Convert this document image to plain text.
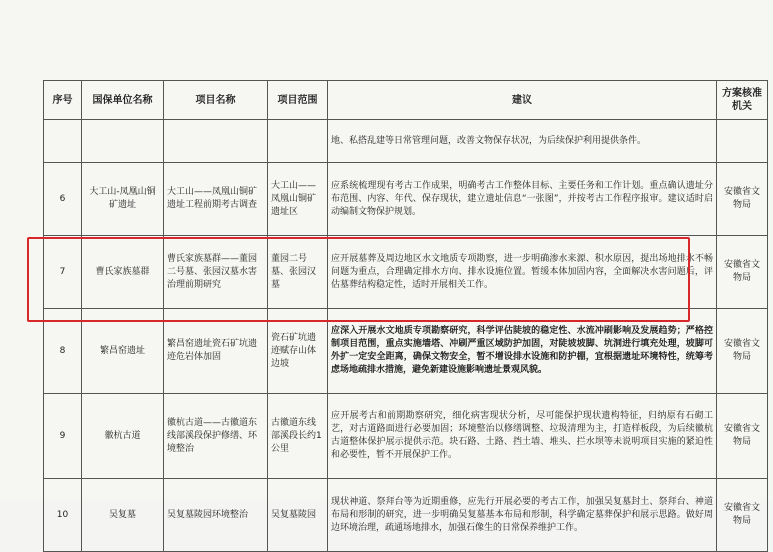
序号	国保单位名称	项目名称	项目范围	建议	方案核准机关
				地、私搭乱建等日常管理问题，改善文物保存状况，为后续保护利用提供条件。	
6	大工山-凤凰山铜矿遗址	大工山——凤凰山铜矿遗址工程前期考古调查	大工山——凤凰山铜矿遗址区	应系统梳理现有考古工作成果，明确考古工作整体目标、主要任务和工作计划。重点确认遗址分布范围、内容、年代、保存现状，建立遗址信息“一张图”，并按考古工作程序报审。建议适时启动编制文物保护规划。	安徽省文物局
7	曹氏家族墓群	曹氏家族墓群——董园二号墓、张园汉墓水害治理前期研究	董园二号墓、张园汉墓	应开展墓葬及周边地区水文地质专项勘察，进一步明确渗水来源、积水原因，提出场地排水不畅问题为重点，合理确定排水方向、排水设施位置。暂缓本体加固内容，全面解决水害问题后，评估墓葬结构稳定性，适时开展相关工作。	安徽省文物局
8	繁昌窑遗址	繁昌窑遗址瓷石矿坑遗迹危岩体加固	瓷石矿坑遗迹赋存山体边坡	应深入开展水文地质专项勘察研究，科学评估陡坡的稳定性、水流冲刷影响及发展趋势；严格控制项目范围，重点实施墙塔、冲刷严重区域防护加固，对陡坡坡脚、坑洞进行填充处理，坡脚可外扩一定安全距离，确保文物安全，暂不增设排水设施和防护棚，宜根据遗址环境特性，统筹考虑场地疏排水措施，避免新建设施影响遗址景观风貌。	安徽省文物局
9	徽杭古道	徽杭古道——古徽道东线部溪段保护修缮、环境整治	古徽道东线部溪段长约1公里	应开展考古和前期勘察研究，细化病害现状分析，尽可能保护现状遗构特征，归纳原有石砌工艺，对古道路面进行必要加固；环境整治以修缮调整、垃圾清理为主，打造样板段，为后续徽杭古道整体保护展示提供示范。块石路、土路、挡土墙、堆头、拦水坝等未说明项目实施的紧迫性和必要性，暂不开展保护工作。	安徽省文物局
10	吴复墓	吴复墓陵园环境整治	吴复墓陵园	现状神道、祭拜台等为近期重修，应先行开展必要的考古工作，加强吴复墓封土、祭拜台、神道布局和形制的研究，进一步明确吴复墓基本布局和形制，科学确定墓葬保护和展示思路。做好周边环境治理，疏通场地排水，加强石像生的日常保养维护工作。	安徽省文物局
